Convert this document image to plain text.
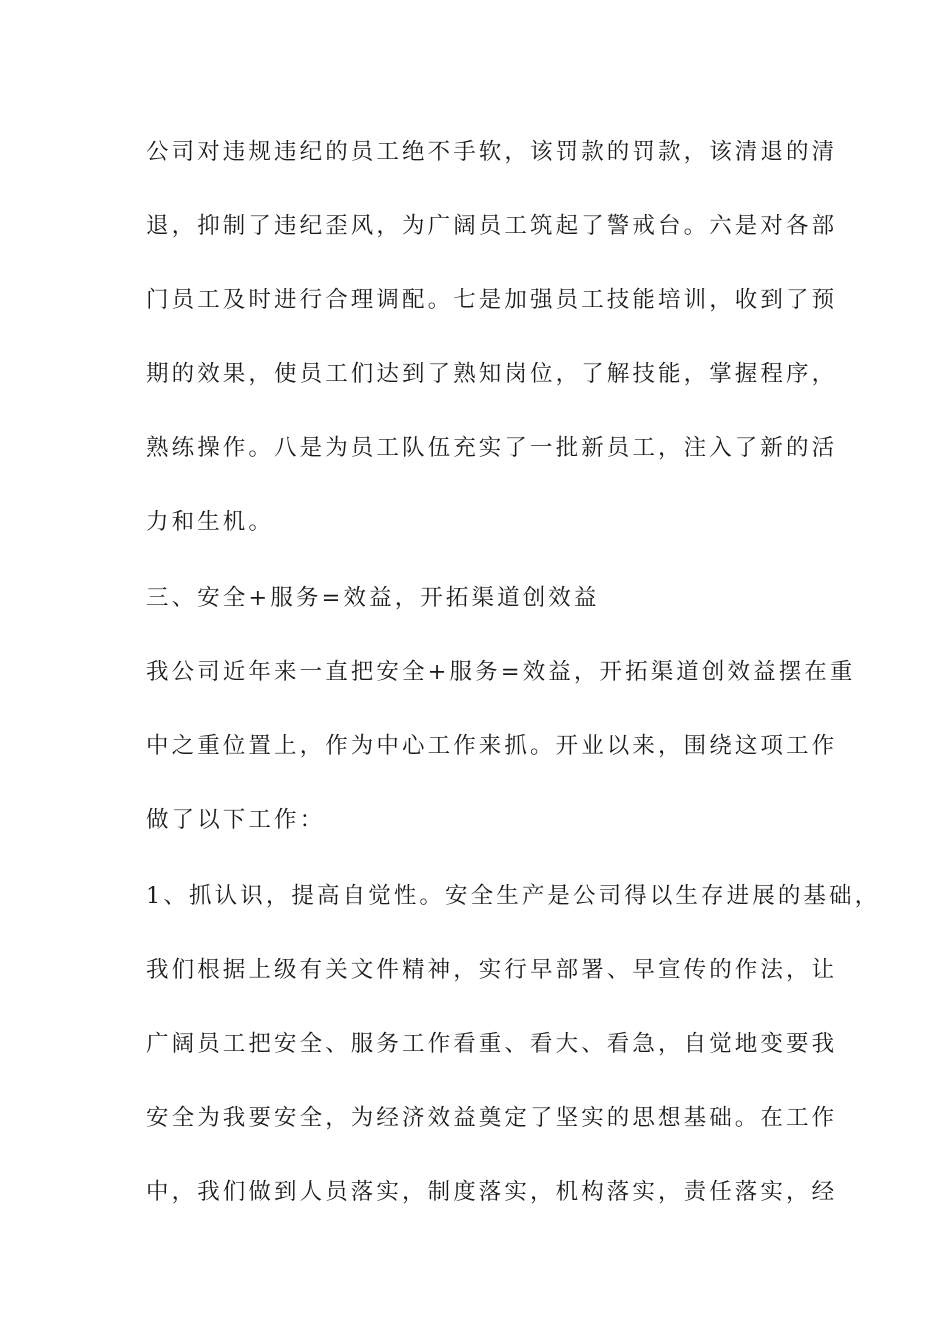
公司对违规违纪的员工绝不手软，该罚款的罚款，该清退的清
退，抑制了违纪歪风，为广阔员工筑起了警戒台。六是对各部
门员工及时进行合理调配。七是加强员工技能培训，收到了预
期的效果，使员工们达到了熟知岗位，了解技能，掌握程序，
熟练操作。八是为员工队伍充实了一批新员工，注入了新的活
力和生机。
三、安全+服务=效益，开拓渠道创效益
我公司近年来一直把安全+服务=效益，开拓渠道创效益摆在重
中之重位置上，作为中心工作来抓。开业以来，围绕这项工作
做了以下工作：
1、抓认识，提高自觉性。安全生产是公司得以生存进展的基础，
我们根据上级有关文件精神，实行早部署、早宣传的作法，让
广阔员工把安全、服务工作看重、看大、看急，自觉地变要我
安全为我要安全，为经济效益奠定了坚实的思想基础。在工作
中，我们做到人员落实，制度落实，机构落实，责任落实，经
